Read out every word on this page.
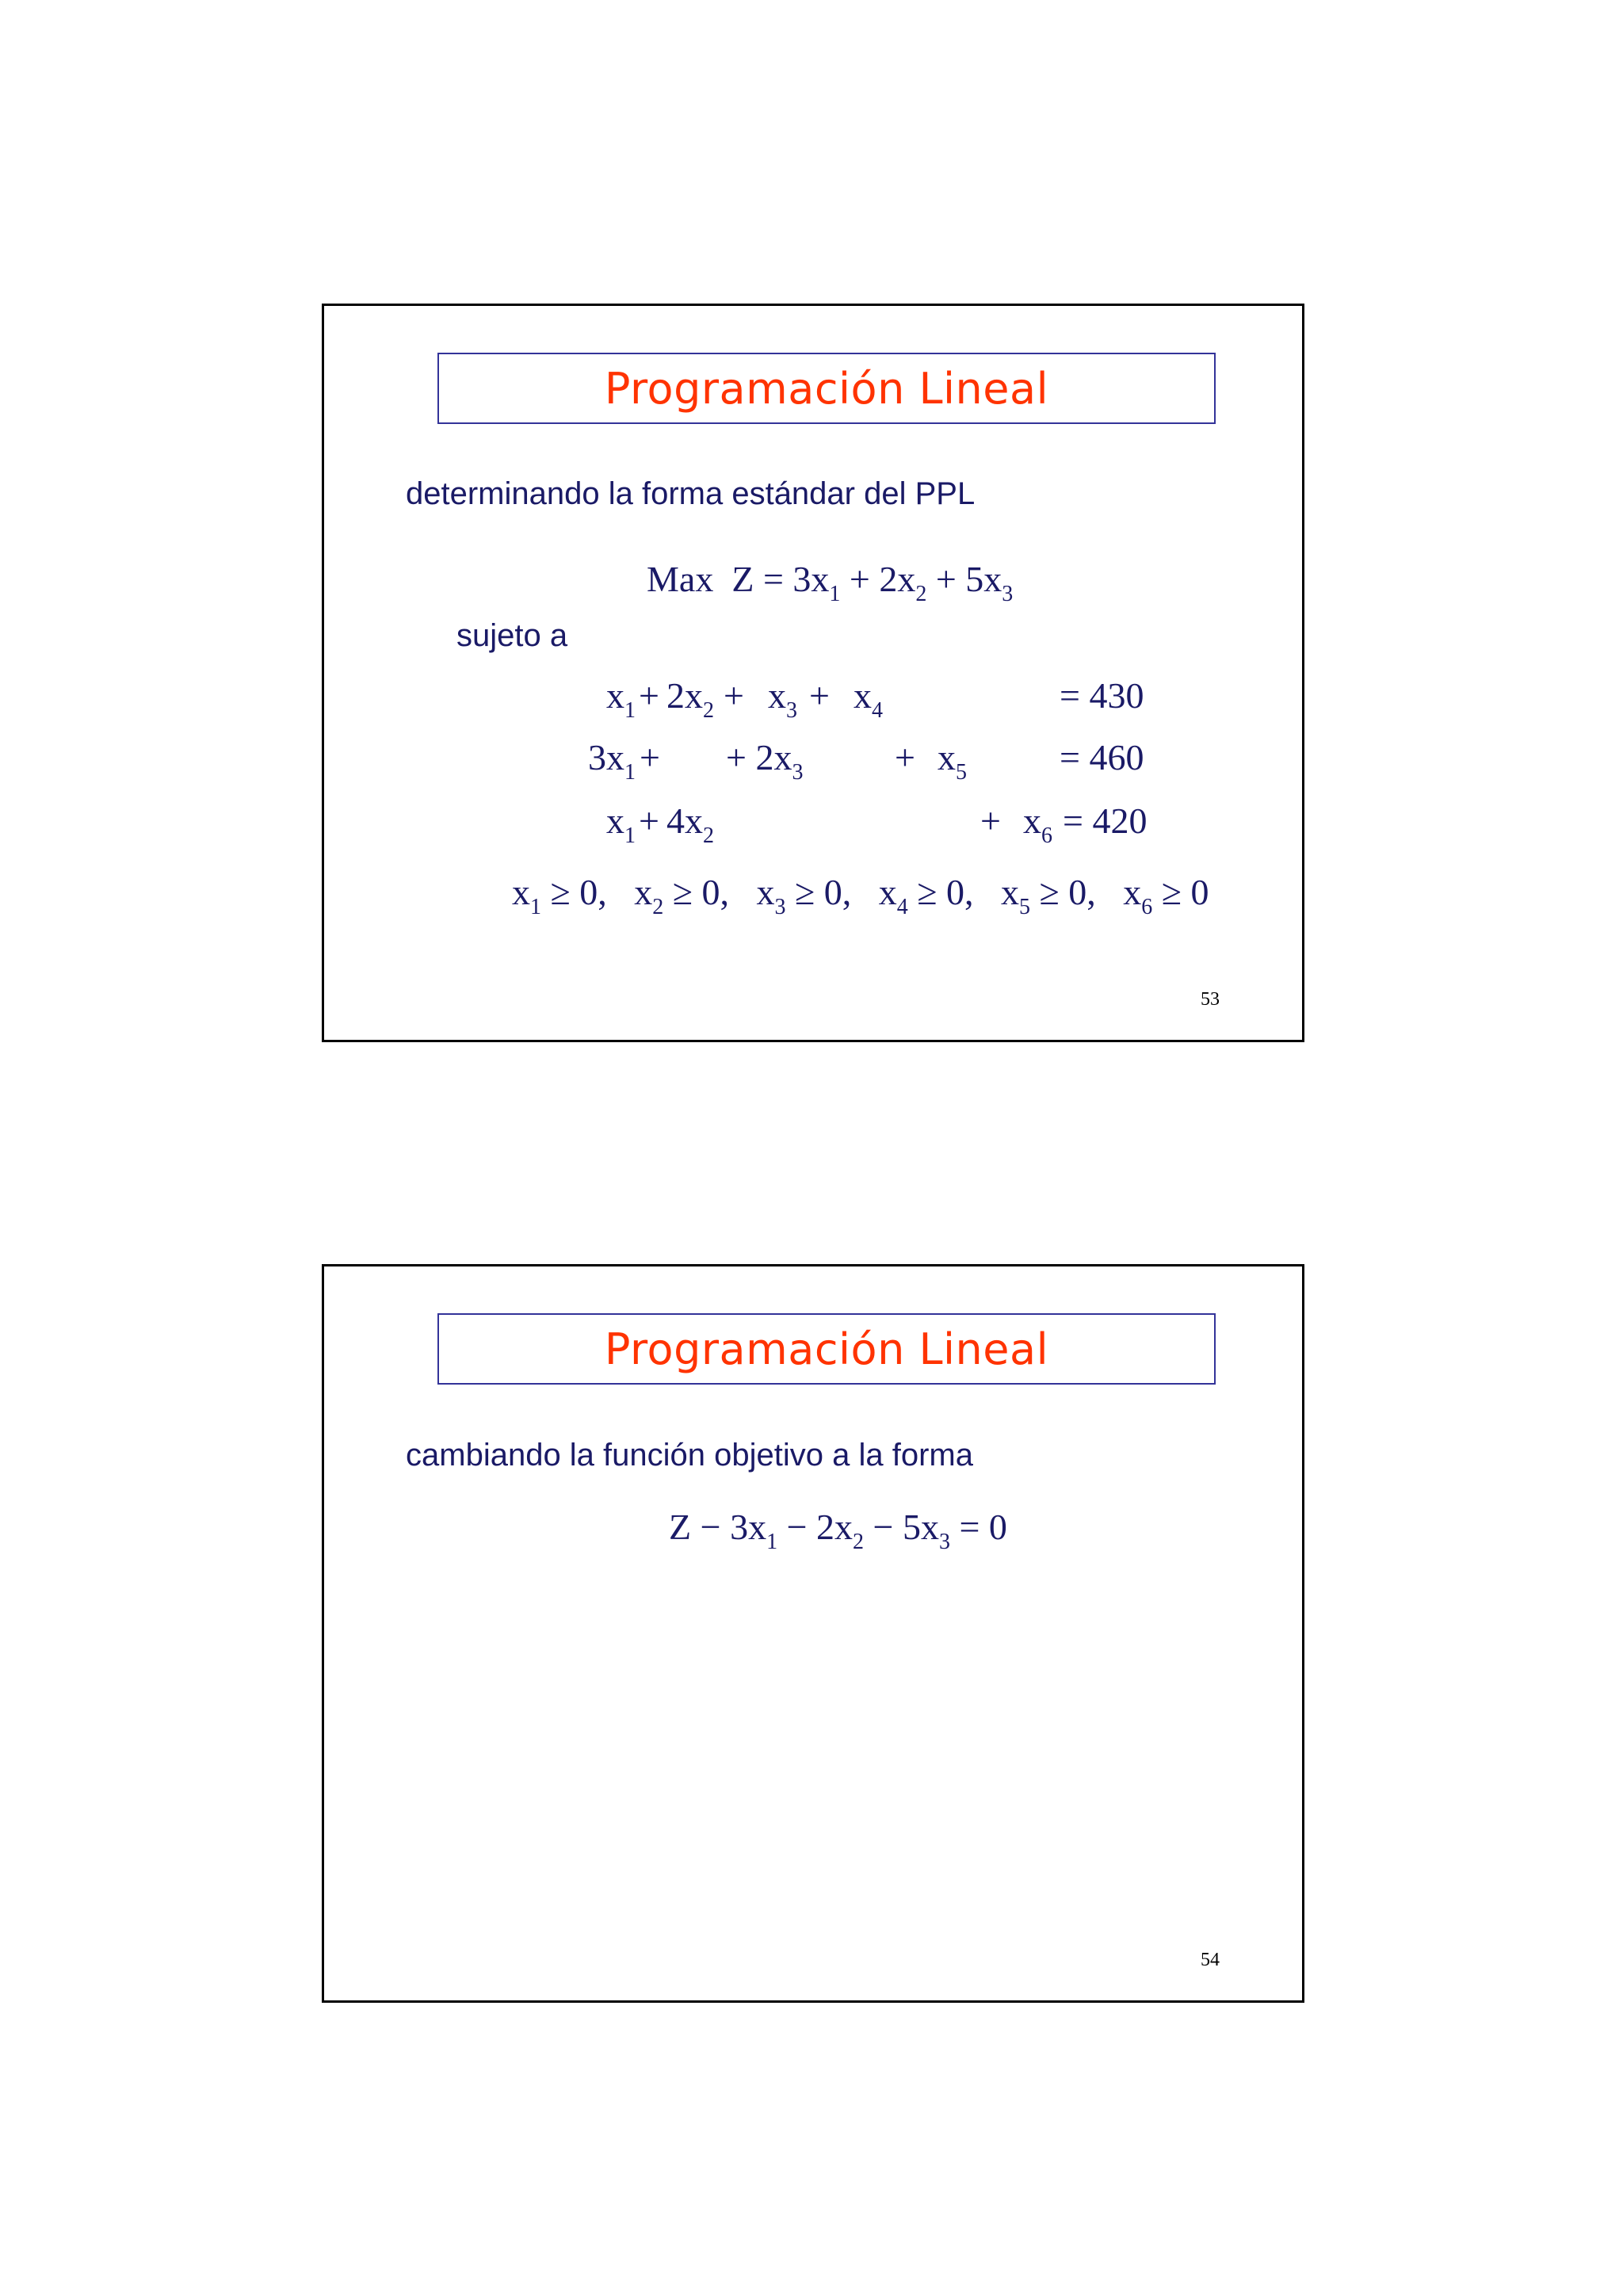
Programación Lineal
determinando la forma estándar del PPL
Max $Z = 3x_1 + 2x_2 + 5x_3$
sujeto a
$x_1 + 2x_2 + x_3 + x_4$	= 430
$3x_1$ + + $2x_3$	+ $x_5$	= 460
$x_1 + 4x_2$	+ $x_6 = 420$
$x_1 \ge 0$, $x_2 \ge 0$, $x_3 \ge 0$, $x_4 \ge 0$, $x_5 \ge 0$, $x_6 \ge 0$
53
Programación Lineal
cambiando la función objetivo a la forma
$Z - 3x_1 - 2x_2 - 5x_3 = 0$
54
